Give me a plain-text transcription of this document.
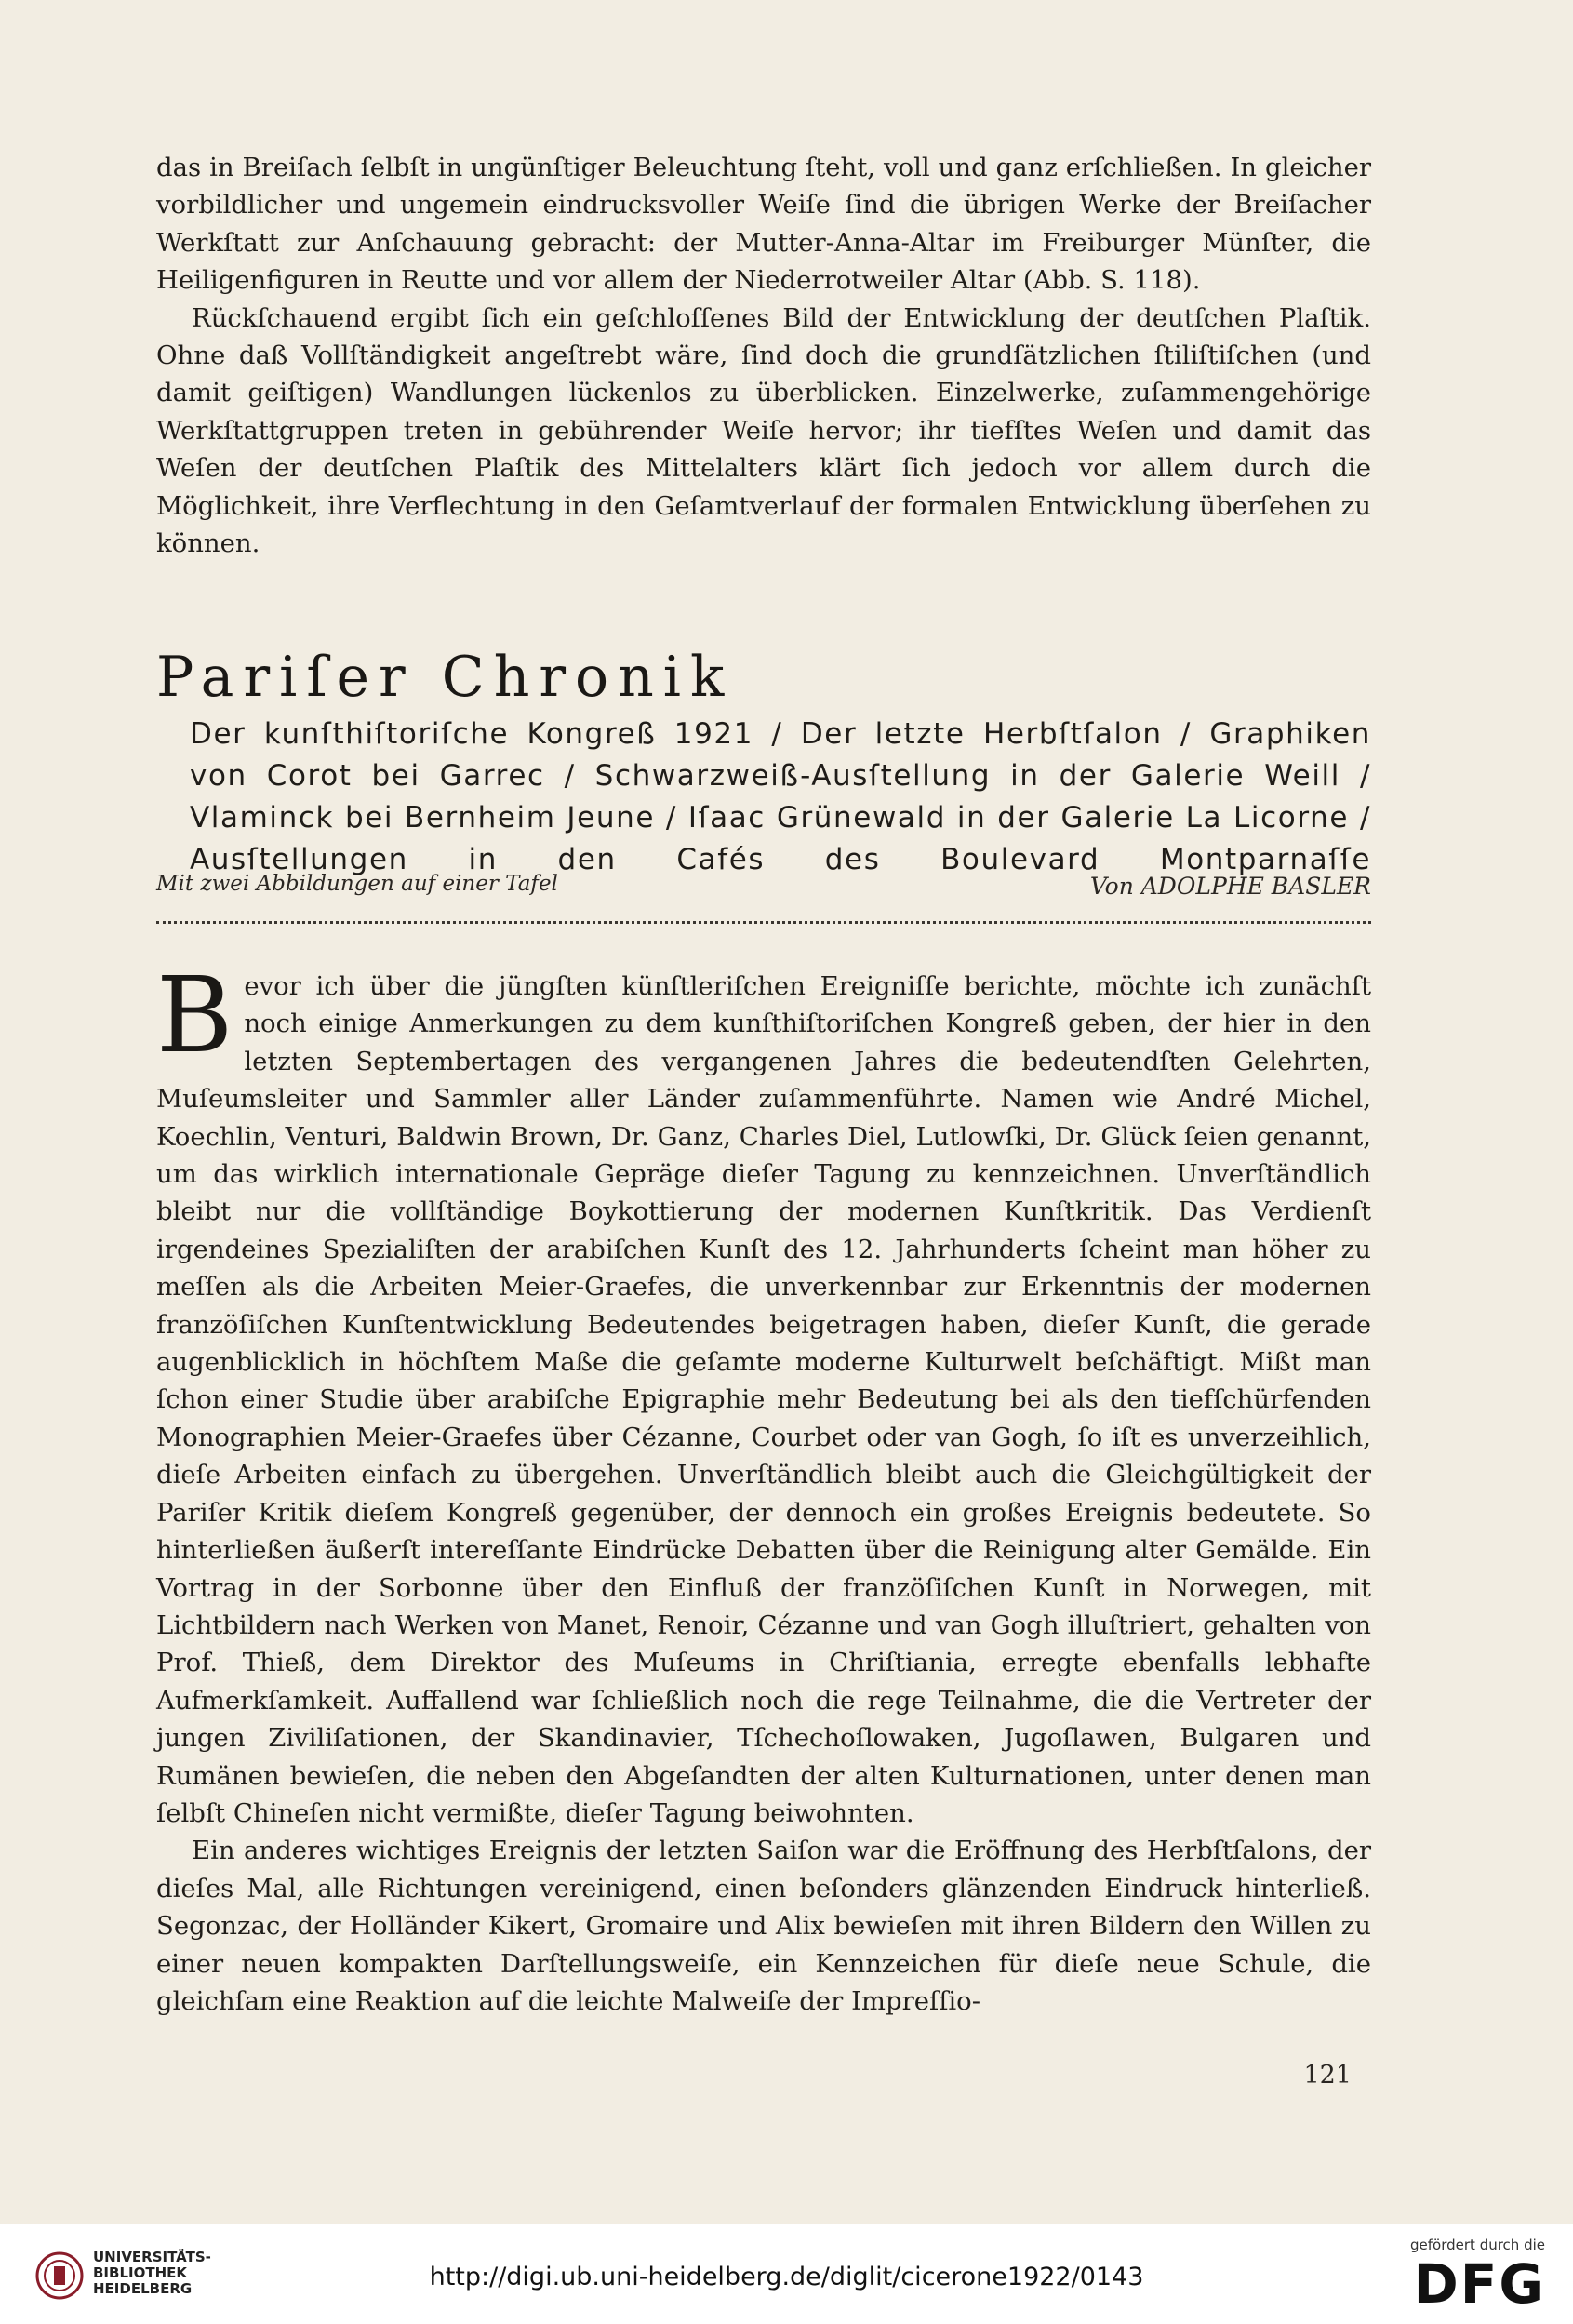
das in Breiſach ſelbſt in ungünſtiger Beleuchtung ſteht, voll und ganz erſchließen. In gleicher vorbildlicher und ungemein eindrucksvoller Weiſe ſind die übrigen Werke der Breiſacher Werkſtatt zur Anſchauung gebracht: der Mutter-Anna-Altar im Freiburger Münſter, die Heiligenfiguren in Reutte und vor allem der Niederrotweiler Altar (Abb. S. 118).

Rückſchauend ergibt ſich ein geſchloſſenes Bild der Entwicklung der deutſchen Plaſtik. Ohne daß Vollſtändigkeit angeſtrebt wäre, ſind doch die grundſätzlichen ſtiliſtiſchen (und damit geiſtigen) Wandlungen lückenlos zu überblicken. Einzelwerke, zuſammengehörige Werkſtattgruppen treten in gebührender Weiſe hervor; ihr tiefſtes Weſen und damit das Weſen der deutſchen Plaſtik des Mittelalters klärt ſich jedoch vor allem durch die Möglichkeit, ihre Verflechtung in den Geſamtverlauf der formalen Entwicklung überſehen zu können.

Pariſer Chronik

Der kunſthiſtoriſche Kongreß 1921 / Der letzte Herbſtſalon / Graphiken von Corot bei Garrec / Schwarzweiß-Ausſtellung in der Galerie Weill / Vlaminck bei Bernheim Jeune / Iſaac Grünewald in der Galerie La Licorne / Ausſtellungen in den Cafés des Boulevard Montparnaſſe

Mit zwei Abbildungen auf einer Tafel	Von ADOLPHE BASLER

Bevor ich über die jüngſten künſtleriſchen Ereigniſſe berichte, möchte ich zunächſt noch einige Anmerkungen zu dem kunſthiſtoriſchen Kongreß geben, der hier in den letzten Septembertagen des vergangenen Jahres die bedeutendſten Gelehrten, Muſeumsleiter und Sammler aller Länder zuſammenführte. Namen wie André Michel, Koechlin, Venturi, Baldwin Brown, Dr. Ganz, Charles Diel, Lutlowſki, Dr. Glück ſeien genannt, um das wirklich internationale Gepräge dieſer Tagung zu kennzeichnen. Unverſtändlich bleibt nur die vollſtändige Boykottierung der modernen Kunſtkritik. Das Verdienſt irgendeines Spezialiſten der arabiſchen Kunſt des 12. Jahrhunderts ſcheint man höher zu meſſen als die Arbeiten Meier-Graefes, die unverkennbar zur Erkenntnis der modernen franzöſiſchen Kunſtentwicklung Bedeutendes beigetragen haben, dieſer Kunſt, die gerade augenblicklich in höchſtem Maße die geſamte moderne Kulturwelt beſchäftigt. Mißt man ſchon einer Studie über arabiſche Epigraphie mehr Bedeutung bei als den tiefſchürfenden Monographien Meier-Graefes über Cézanne, Courbet oder van Gogh, ſo iſt es unverzeihlich, dieſe Arbeiten einfach zu übergehen. Unverſtändlich bleibt auch die Gleichgültigkeit der Pariſer Kritik dieſem Kongreß gegenüber, der dennoch ein großes Ereignis bedeutete. So hinterließen äußerſt intereſſante Eindrücke Debatten über die Reinigung alter Gemälde. Ein Vortrag in der Sorbonne über den Einfluß der franzöſiſchen Kunſt in Norwegen, mit Lichtbildern nach Werken von Manet, Renoir, Cézanne und van Gogh illuſtriert, gehalten von Prof. Thieß, dem Direktor des Muſeums in Chriſtiania, erregte ebenfalls lebhafte Aufmerkſamkeit. Auffallend war ſchließlich noch die rege Teilnahme, die die Vertreter der jungen Ziviliſationen, der Skandinavier, Tſchechoſlowaken, Jugoſlawen, Bulgaren und Rumänen bewieſen, die neben den Abgeſandten der alten Kulturnationen, unter denen man ſelbſt Chineſen nicht vermißte, dieſer Tagung beiwohnten.

Ein anderes wichtiges Ereignis der letzten Saiſon war die Eröffnung des Herbſtſalons, der dieſes Mal, alle Richtungen vereinigend, einen beſonders glänzenden Eindruck hinterließ. Segonzac, der Holländer Kikert, Gromaire und Alix bewieſen mit ihren Bildern den Willen zu einer neuen kompakten Darſtellungsweiſe, ein Kennzeichen für dieſe neue Schule, die gleichſam eine Reaktion auf die leichte Malweiſe der Impreſſio-

121
UNIVERSITÄTS-
BIBLIOTHEK
HEIDELBERG	http://digi.ub.uni-heidelberg.de/diglit/cicerone1922/0143
gefördert durch die
DFG
